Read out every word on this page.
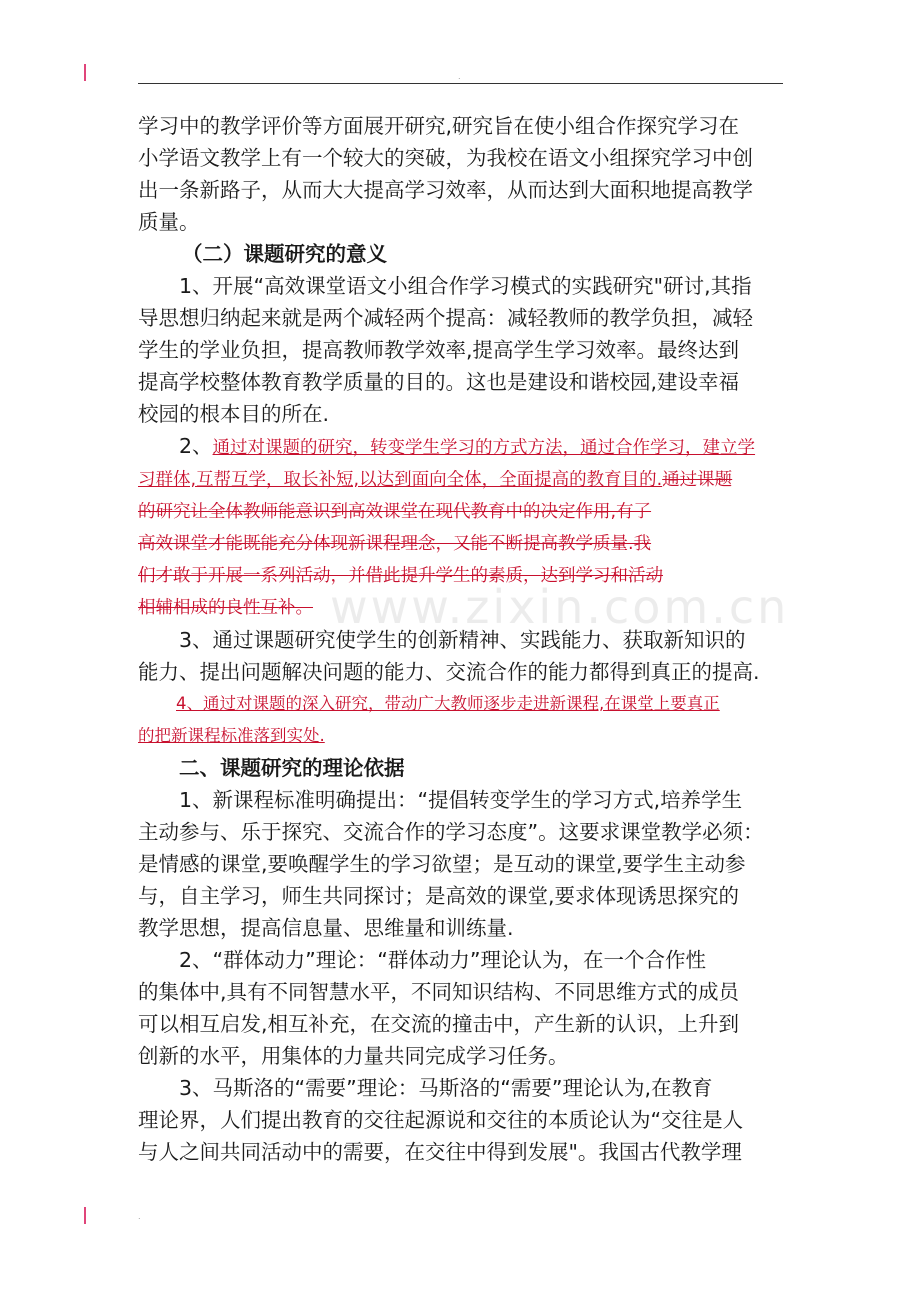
.
.
www.zixin.com.cn

学习中的教学评价等方面展开研究,研究旨在使小组合作探究学习在

小学语文教学上有一个较大的突破，为我校在语文小组探究学习中创

出一条新路子，从而大大提高学习效率，从而达到大面积地提高教学

质量。

（二）课题研究的意义

1、开展“高效课堂语文小组合作学习模式的实践研究"研讨,其指

导思想归纳起来就是两个减轻两个提高：减轻教师的教学负担，减轻

学生的学业负担，提高教师教学效率,提高学生学习效率。最终达到

提高学校整体教育教学质量的目的。这也是建设和谐校园,建设幸福

校园的根本目的所在.

2、通过对课题的研究，转变学生学习的方式方法，通过合作学习，建立学
习群体,互帮互学，取长补短,以达到面向全体，全面提高的教育目的.通过课题
的研究让全体教师能意识到高效课堂在现代教育中的决定作用,有了
高效课堂才能既能充分体现新课程理念，又能不断提高教学质量.我
们才敢于开展一系列活动，并借此提升学生的素质，达到学习和活动
相辅相成的良性互补。

3、通过课题研究使学生的创新精神、实践能力、获取新知识的

能力、提出问题解决问题的能力、交流合作的能力都得到真正的提高.

4、通过对课题的深入研究，带动广大教师逐步走进新课程,在课堂上要真正
的把新课程标准落到实处.

二、课题研究的理论依据

1、新课程标准明确提出：“提倡转变学生的学习方式,培养学生

主动参与、乐于探究、交流合作的学习态度”。这要求课堂教学必须：

是情感的课堂,要唤醒学生的学习欲望；是互动的课堂,要学生主动参

与，自主学习，师生共同探讨；是高效的课堂,要求体现诱思探究的

教学思想，提高信息量、思维量和训练量.

2、“群体动力”理论：“群体动力”理论认为，在一个合作性

的集体中,具有不同智慧水平，不同知识结构、不同思维方式的成员

可以相互启发,相互补充，在交流的撞击中，产生新的认识，上升到

创新的水平，用集体的力量共同完成学习任务。

3、马斯洛的“需要”理论：马斯洛的“需要”理论认为,在教育

理论界，人们提出教育的交往起源说和交往的本质论认为“交往是人

与人之间共同活动中的需要，在交往中得到发展"。我国古代教学理
